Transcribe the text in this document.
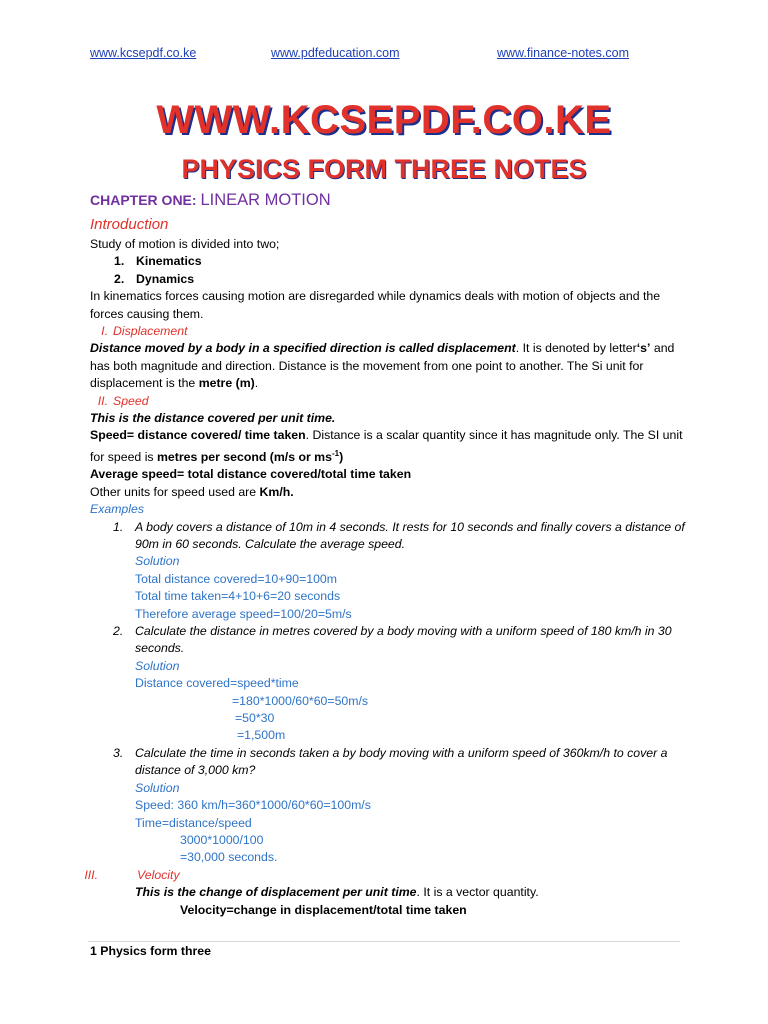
www.kcsepdf.co.ke	www.pdfeducation.com	www.finance-notes.com
WWW.KCSEPDF.CO.KE
PHYSICS FORM THREE NOTES
CHAPTER ONE: LINEAR MOTION
Introduction

Study of motion is divided into two;

1. Kinematics

2. Dynamics

In kinematics forces causing motion are disregarded while dynamics deals with motion of objects and the forces causing them.

I. Displacement

Distance moved by a body in a specified direction is called displacement. It is denoted by letter‘s’ and has both magnitude and direction. Distance is the movement from one point to another. The Si unit for displacement is the metre (m).

II. Speed

This is the distance covered per unit time.

Speed= distance covered/ time taken. Distance is a scalar quantity since it has magnitude only. The SI unit for speed is metres per second (m/s or $ms^{-1}$)

Average speed= total distance covered/total time taken

Other units for speed used are Km/h.

Examples

1. A body covers a distance of 10m in 4 seconds. It rests for 10 seconds and finally covers a distance of 90m in 60 seconds. Calculate the average speed.

Solution

Total distance covered=10+90=100m

Total time taken=4+10+6=20 seconds

Therefore average speed=100/20=5m/s

2. Calculate the distance in metres covered by a body moving with a uniform speed of 180 km/h in 30 seconds.

Solution

Distance covered=speed*time

=180*1000/60*60=50m/s

=50*30

=1,500m

3. Calculate the time in seconds taken a by body moving with a uniform speed of 360km/h to cover a distance of 3,000 km?

Solution

Speed: 360 km/h=360*1000/60*60=100m/s

Time=distance/speed

3000*1000/100

=30,000 seconds.

III.	Velocity

This is the change of displacement per unit time. It is a vector quantity.

Velocity=change in displacement/total time taken

1 Physics form three
